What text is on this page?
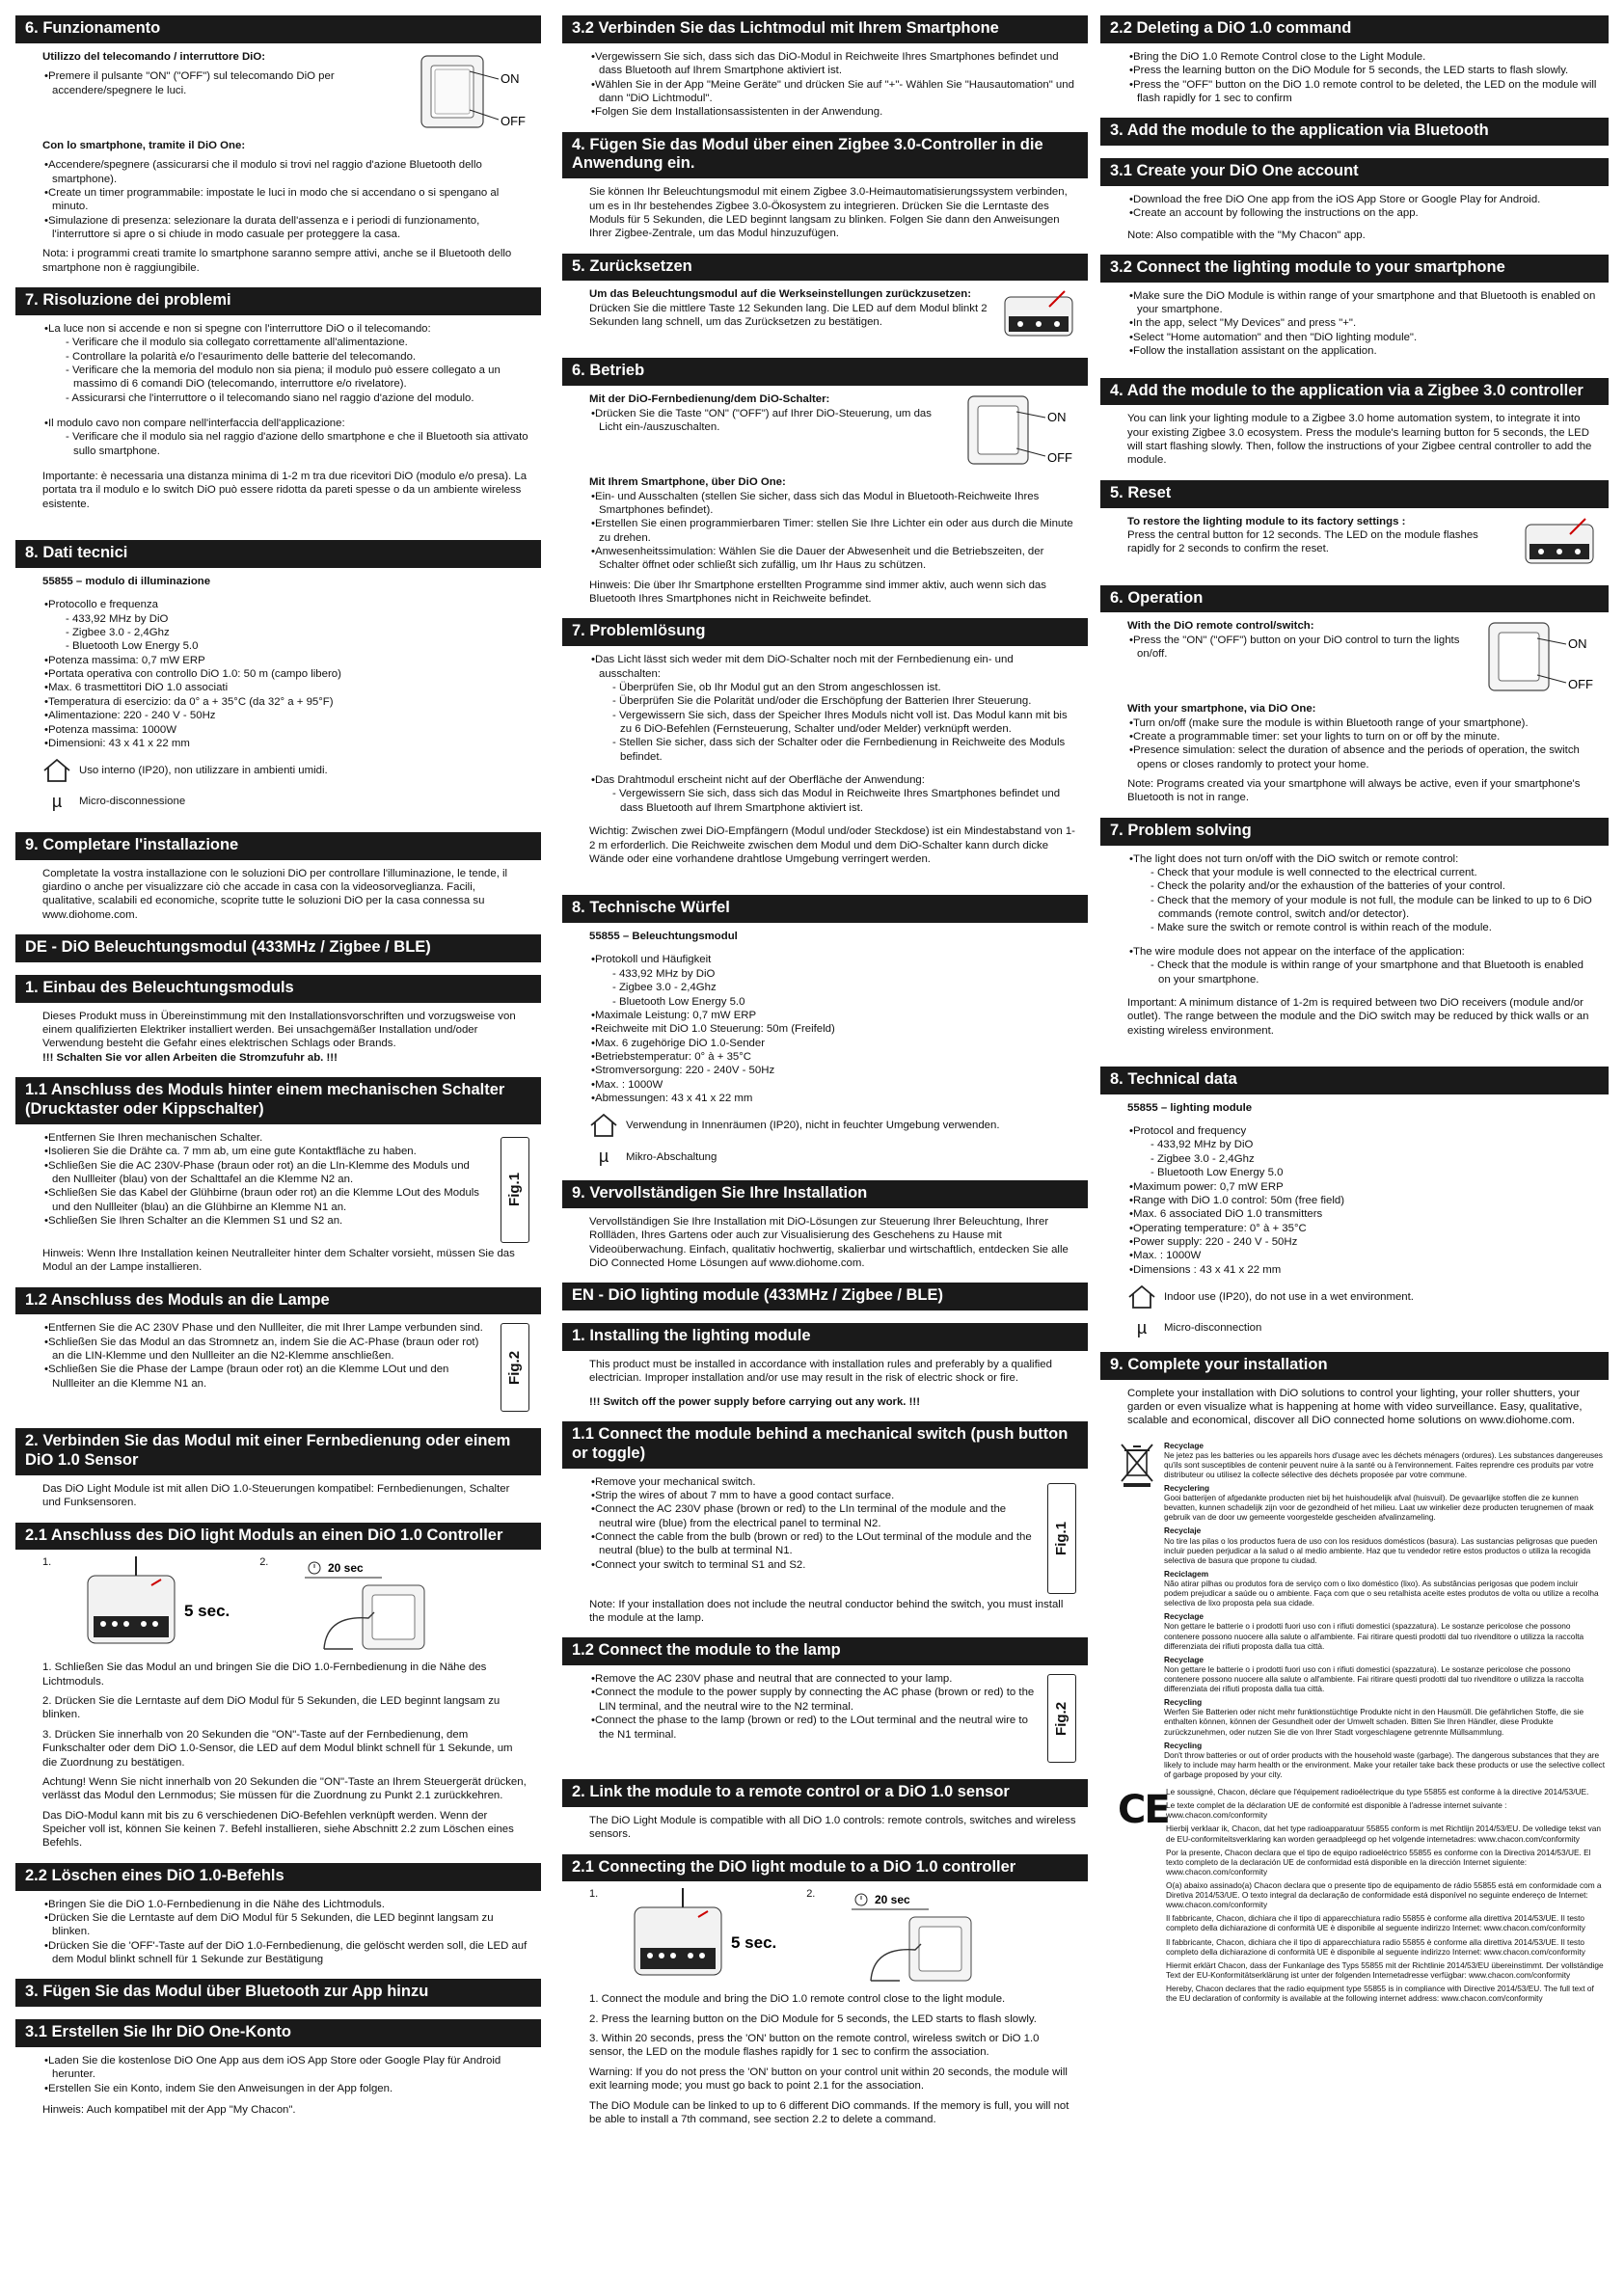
6. Funzionamento
ON
OFF

Utilizzo del telecomando / interruttore DiO:

• Premere il pulsante "ON" ("OFF") sul telecomando DiO per accendere/spegnere le luci.

Con lo smartphone, tramite il DiO One:

• Accendere/spegnere (assicurarsi che il modulo si trovi nel raggio d'azione Bluetooth dello smartphone).
• Create un timer programmabile: impostate le luci in modo che si accendano o si spengano al minuto.
• Simulazione di presenza: selezionare la durata dell'assenza e i periodi di funzionamento, l'interruttore si apre o si chiude in modo casuale per proteggere la casa.

Nota: i programmi creati tramite lo smartphone saranno sempre attivi, anche se il Bluetooth dello smartphone non è raggiungibile.

7. Risoluzione dei problemi
• La luce non si accende e non si spegne con l'interruttore DiO o il telecomando:
- Verificare che il modulo sia collegato correttamente all'alimentazione.
- Controllare la polarità e/o l'esaurimento delle batterie del telecomando.
- Verificare che la memoria del modulo non sia piena; il modulo può essere collegato a un massimo di 6 comandi DiO (telecomando, interruttore e/o rivelatore).
- Assicurarsi che l'interruttore o il telecomando siano nel raggio d'azione del modulo.
• Il modulo cavo non compare nell'interfaccia dell'applicazione:
- Verificare che il modulo sia nel raggio d'azione dello smartphone e che il Bluetooth sia attivato sullo smartphone.

Importante: è necessaria una distanza minima di 1-2 m tra due ricevitori DiO (modulo e/o presa). La portata tra il modulo e lo switch DiO può essere ridotta da pareti spesse o da un ambiente wireless esistente.

8. Dati tecnici

55855 – modulo di illuminazione

• Protocollo e frequenza
- 433,92 MHz by DiO
- Zigbee 3.0 - 2,4Ghz
- Bluetooth Low Energy 5.0
• Potenza massima: 0,7 mW ERP
• Portata operativa con controllo DiO 1.0: 50 m (campo libero)
• Max. 6 trasmettitori DiO 1.0 associati
• Temperatura di esercizio: da 0° a + 35°C (da 32° a + 95°F)
• Alimentazione: 220 - 240 V - 50Hz
• Potenza massima: 1000W
• Dimensioni: 43 x 41 x 22 mm
Uso interno (IP20), non utilizzare in ambienti umidi.
µ	Micro-disconnessione
9. Completare l'installazione

Completate la vostra installazione con le soluzioni DiO per controllare l'illuminazione, le tende, il giardino o anche per visualizzare ciò che accade in casa con la videosorveglianza. Facili, qualitative, scalabili ed economiche, scoprite tutte le soluzioni DiO per la casa connessa su www.diohome.com.

DE - DiO Beleuchtungsmodul (433MHz / Zigbee / BLE)
1. Einbau des Beleuchtungsmoduls

Dieses Produkt muss in Übereinstimmung mit den Installationsvorschriften und vorzugsweise von einem qualifizierten Elektriker installiert werden. Bei unsachgemäßer Installation und/oder Verwendung besteht die Gefahr eines elektrischen Schlags oder Brands.

!!! Schalten Sie vor allen Arbeiten die Stromzufuhr ab. !!!

1.1 Anschluss des Moduls hinter einem mechanischen Schalter (Drucktaster oder Kippschalter)
Fig.1
• Entfernen Sie Ihren mechanischen Schalter.
• Isolieren Sie die Drähte ca. 7 mm ab, um eine gute Kontaktfläche zu haben.
• Schließen Sie die AC 230V-Phase (braun oder rot) an die LIn-Klemme des Moduls und den Nullleiter (blau) von der Schalttafel an die Klemme N2 an.
• Schließen Sie das Kabel der Glühbirne (braun oder rot) an die Klemme LOut des Moduls und den Nullleiter (blau) an die Glühbirne an Klemme N1 an.
• Schließen Sie Ihren Schalter an die Klemmen S1 und S2 an.

Hinweis: Wenn Ihre Installation keinen Neutralleiter hinter dem Schalter vorsieht, müssen Sie das Modul an der Lampe installieren.

1.2 Anschluss des Moduls an die Lampe
Fig.2
• Entfernen Sie die AC 230V Phase und den Nullleiter, die mit Ihrer Lampe verbunden sind.
• Schließen Sie das Modul an das Stromnetz an, indem Sie die AC-Phase (braun oder rot) an die LIN-Klemme und den Nullleiter an die N2-Klemme anschließen.
• Schließen Sie die Phase der Lampe (braun oder rot) an die Klemme LOut und den Nullleiter an die Klemme N1 an.
2. Verbinden Sie das Modul mit einer Fernbedienung oder einem DiO 1.0 Sensor

Das DiO Light Module ist mit allen DiO 1.0-Steuerungen kompatibel: Fernbedienungen, Schalter und Funksensoren.

2.1 Anschluss des DiO light Moduls an einen DiO 1.0 Controller
1.
5 sec.
2.	20 sec

1. Schließen Sie das Modul an und bringen Sie die DiO 1.0-Fernbedienung in die Nähe des Lichtmoduls.

2. Drücken Sie die Lerntaste auf dem DiO Modul für 5 Sekunden, die LED beginnt langsam zu blinken.

3. Drücken Sie innerhalb von 20 Sekunden die "ON"-Taste auf der Fernbedienung, dem Funkschalter oder dem DiO 1.0-Sensor, die LED auf dem Modul blinkt schnell für 1 Sekunde, um die Zuordnung zu bestätigen.

Achtung! Wenn Sie nicht innerhalb von 20 Sekunden die "ON"-Taste an Ihrem Steuergerät drücken, verlässt das Modul den Lernmodus; Sie müssen für die Zuordnung zu Punkt 2.1 zurückkehren.

Das DiO-Modul kann mit bis zu 6 verschiedenen DiO-Befehlen verknüpft werden. Wenn der Speicher voll ist, können Sie keinen 7. Befehl installieren, siehe Abschnitt 2.2 zum Löschen eines Befehls.

2.2 Löschen eines DiO 1.0-Befehls
• Bringen Sie die DiO 1.0-Fernbedienung in die Nähe des Lichtmoduls.
• Drücken Sie die Lerntaste auf dem DiO Modul für 5 Sekunden, die LED beginnt langsam zu blinken.
• Drücken Sie die 'OFF'-Taste auf der DiO 1.0-Fernbedienung, die gelöscht werden soll, die LED auf dem Modul blinkt schnell für 1 Sekunde zur Bestätigung
3. Fügen Sie das Modul über Bluetooth zur App hinzu
3.1 Erstellen Sie Ihr DiO One-Konto
• Laden Sie die kostenlose DiO One App aus dem iOS App Store oder Google Play für Android herunter.
• Erstellen Sie ein Konto, indem Sie den Anweisungen in der App folgen.

Hinweis: Auch kompatibel mit der App "My Chacon".

3.2 Verbinden Sie das Lichtmodul mit Ihrem Smartphone
• Vergewissern Sie sich, dass sich das DiO-Modul in Reichweite Ihres Smartphones befindet und dass Bluetooth auf Ihrem Smartphone aktiviert ist.
• Wählen Sie in der App "Meine Geräte" und drücken Sie auf "+"- Wählen Sie "Hausautomation" und dann "DiO Lichtmodul".
• Folgen Sie dem Installationsassistenten in der Anwendung.
4. Fügen Sie das Modul über einen Zigbee 3.0-Controller in die Anwendung ein.

Sie können Ihr Beleuchtungsmodul mit einem Zigbee 3.0-Heimautomatisierungssystem verbinden, um es in Ihr bestehendes Zigbee 3.0-Ökosystem zu integrieren. Drücken Sie die Lerntaste des Moduls für 5 Sekunden, die LED beginnt langsam zu blinken. Folgen Sie dann den Anweisungen Ihrer Zigbee-Zentrale, um das Modul hinzuzufügen.

5. Zurücksetzen

Um das Beleuchtungsmodul auf die Werkseinstellungen zurückzusetzen:

Drücken Sie die mittlere Taste 12 Sekunden lang. Die LED auf dem Modul blinkt 2 Sekunden lang schnell, um das Zurücksetzen zu bestätigen.

6. Betrieb
ON
OFF

Mit der DiO-Fernbedienung/dem DiO-Schalter:

• Drücken Sie die Taste "ON" ("OFF") auf Ihrer DiO-Steuerung, um das Licht ein-/auszuschalten.

Mit Ihrem Smartphone, über DiO One:

• Ein- und Ausschalten (stellen Sie sicher, dass sich das Modul in Bluetooth-Reichweite Ihres Smartphones befindet).
• Erstellen Sie einen programmierbaren Timer: stellen Sie Ihre Lichter ein oder aus durch die Minute zu drehen.
• Anwesenheitssimulation: Wählen Sie die Dauer der Abwesenheit und die Betriebszeiten, der Schalter öffnet oder schließt sich zufällig, um Ihr Haus zu schützen.

Hinweis: Die über Ihr Smartphone erstellten Programme sind immer aktiv, auch wenn sich das Bluetooth Ihres Smartphones nicht in Reichweite befindet.

7. Problemlösung
• Das Licht lässt sich weder mit dem DiO-Schalter noch mit der Fernbedienung ein- und ausschalten:
- Überprüfen Sie, ob Ihr Modul gut an den Strom angeschlossen ist.
- Überprüfen Sie die Polarität und/oder die Erschöpfung der Batterien Ihrer Steuerung.
- Vergewissern Sie sich, dass der Speicher Ihres Moduls nicht voll ist. Das Modul kann mit bis zu 6 DiO-Befehlen (Fernsteuerung, Schalter und/oder Melder) verknüpft werden.
- Stellen Sie sicher, dass sich der Schalter oder die Fernbedienung in Reichweite des Moduls befindet.
• Das Drahtmodul erscheint nicht auf der Oberfläche der Anwendung:
- Vergewissern Sie sich, dass sich das Modul in Reichweite Ihres Smartphones befindet und dass Bluetooth auf Ihrem Smartphone aktiviert ist.

Wichtig: Zwischen zwei DiO-Empfängern (Modul und/oder Steckdose) ist ein Mindestabstand von 1-2 m erforderlich. Die Reichweite zwischen dem Modul und dem DiO-Schalter kann durch dicke Wände oder eine vorhandene drahtlose Umgebung verringert werden.

8. Technische Würfel

55855 – Beleuchtungsmodul

• Protokoll und Häufigkeit
- 433,92 MHz by DiO
- Zigbee 3.0 - 2,4Ghz
- Bluetooth Low Energy 5.0
• Maximale Leistung: 0,7 mW ERP
• Reichweite mit DiO 1.0 Steuerung: 50m (Freifeld)
• Max. 6 zugehörige DiO 1.0-Sender
• Betriebstemperatur: 0° à + 35°C
• Stromversorgung: 220 - 240V - 50Hz
• Max. : 1000W
• Abmessungen: 43 x 41 x 22 mm
Verwendung in Innenräumen (IP20), nicht in feuchter Umgebung verwenden.
µ	Mikro-Abschaltung
9. Vervollständigen Sie Ihre Installation

Vervollständigen Sie Ihre Installation mit DiO-Lösungen zur Steuerung Ihrer Beleuchtung, Ihrer Rollläden, Ihres Gartens oder auch zur Visualisierung des Geschehens zu Hause mit Videoüberwachung. Einfach, qualitativ hochwertig, skalierbar und wirtschaftlich, entdecken Sie alle DiO Connected Home Lösungen auf www.diohome.com.

EN - DiO lighting module (433MHz / Zigbee / BLE)
1. Installing the lighting module

This product must be installed in accordance with installation rules and preferably by a qualified electrician. Improper installation and/or use may result in the risk of electric shock or fire.

!!! Switch off the power supply before carrying out any work. !!!

1.1 Connect the module behind a mechanical switch (push button or toggle)
Fig.1
• Remove your mechanical switch.
• Strip the wires of about 7 mm to have a good contact surface.
• Connect the AC 230V phase (brown or red) to the LIn terminal of the module and the neutral wire (blue) from the electrical panel to terminal N2.
• Connect the cable from the bulb (brown or red) to the LOut terminal of the module and the neutral (blue) to the bulb at terminal N1.
• Connect your switch to terminal S1 and S2.

Note: If your installation does not include the neutral conductor behind the switch, you must install the module at the lamp.

1.2 Connect the module to the lamp
Fig.2
• Remove the AC 230V phase and neutral that are connected to your lamp.
• Connect the module to the power supply by connecting the AC phase (brown or red) to the LIN terminal, and the neutral wire to the N2 terminal.
• Connect the phase to the lamp (brown or red) to the LOut terminal and the neutral wire to the N1 terminal.
2. Link the module to a remote control or a DiO 1.0 sensor

The DiO Light Module is compatible with all DiO 1.0 controls: remote controls, switches and wireless sensors.

2.1 Connecting the DiO light module to a DiO 1.0 controller
1.
5 sec.
2.	20 sec

1. Connect the module and bring the DiO 1.0 remote control close to the light module.

2. Press the learning button on the DiO Module for 5 seconds, the LED starts to flash slowly.

3. Within 20 seconds, press the 'ON' button on the remote control, wireless switch or DiO 1.0 sensor, the LED on the module flashes rapidly for 1 sec to confirm the association.

Warning: If you do not press the 'ON' button on your control unit within 20 seconds, the module will exit learning mode; you must go back to point 2.1 for the association.

The DiO Module can be linked to up to 6 different DiO commands. If the memory is full, you will not be able to install a 7th command, see section 2.2 to delete a command.

2.2 Deleting a DiO 1.0 command
• Bring the DiO 1.0 Remote Control close to the Light Module.
• Press the learning button on the DiO Module for 5 seconds, the LED starts to flash slowly.
• Press the "OFF" button on the DiO 1.0 remote control to be deleted, the LED on the module will flash rapidly for 1 sec to confirm
3. Add the module to the application via Bluetooth
3.1 Create your DiO One account
• Download the free DiO One app from the iOS App Store or Google Play for Android.
• Create an account by following the instructions on the app.

Note: Also compatible with the "My Chacon" app.

3.2 Connect the lighting module to your smartphone
• Make sure the DiO Module is within range of your smartphone and that Bluetooth is enabled on your smartphone.
• In the app, select "My Devices" and press "+".
• Select "Home automation" and then "DiO lighting module".
• Follow the installation assistant on the application.
4. Add the module to the application via a Zigbee 3.0 controller

You can link your lighting module to a Zigbee 3.0 home automation system, to integrate it into your existing Zigbee 3.0 ecosystem. Press the module's learning button for 5 seconds, the LED will start flashing slowly. Then, follow the instructions of your Zigbee central controller to add the module.

5. Reset

To restore the lighting module to its factory settings :

Press the central button for 12 seconds. The LED on the module flashes rapidly for 2 seconds to confirm the reset.

6. Operation
ON
OFF

With the DiO remote control/switch:

• Press the "ON" ("OFF") button on your DiO control to turn the lights on/off.

With your smartphone, via DiO One:

• Turn on/off (make sure the module is within Bluetooth range of your smartphone).
• Create a programmable timer: set your lights to turn on or off by the minute.
• Presence simulation: select the duration of absence and the periods of operation, the switch opens or closes randomly to protect your home.

Note: Programs created via your smartphone will always be active, even if your smartphone's Bluetooth is not in range.

7. Problem solving
• The light does not turn on/off with the DiO switch or remote control:
- Check that your module is well connected to the electrical current.
- Check the polarity and/or the exhaustion of the batteries of your control.
- Check that the memory of your module is not full, the module can be linked to up to 6 DiO commands (remote control, switch and/or detector).
- Make sure the switch or remote control is within reach of the module.
• The wire module does not appear on the interface of the application:
- Check that the module is within range of your smartphone and that Bluetooth is enabled on your smartphone.

Important: A minimum distance of 1-2m is required between two DiO receivers (module and/or outlet). The range between the module and the DiO switch may be reduced by thick walls or an existing wireless environment.

8. Technical data

55855 – lighting module

• Protocol and frequency
- 433,92 MHz by DiO
- Zigbee 3.0 - 2,4Ghz
- Bluetooth Low Energy 5.0
• Maximum power: 0,7 mW ERP
• Range with DiO 1.0 control: 50m (free field)
• Max. 6 associated DiO 1.0 transmitters
• Operating temperature: 0° à + 35°C
• Power supply: 220 - 240 V - 50Hz
• Max. : 1000W
• Dimensions : 43 x 41 x 22 mm
Indoor use (IP20), do not use in a wet environment.
µ	Micro-disconnection
9. Complete your installation

Complete your installation with DiO solutions to control your lighting, your roller shutters, your garden or even visualize what is happening at home with video surveillance. Easy, qualitative, scalable and economical, discover all DiO connected home solutions on www.diohome.com.

Recyclage
Ne jetez pas les batteries ou les appareils hors d'usage avec les déchets ménagers (ordures). Les substances dangereuses qu'ils sont susceptibles de contenir peuvent nuire à la santé ou à l'environnement. Faites reprendre ces produits par votre distributeur ou utilisez la collecte sélective des déchets proposée par votre commune.

Recyclering
Gooi batterijen of afgedankte producten niet bij het huishoudelijk afval (huisvuil). De gevaarlijke stoffen die ze kunnen bevatten, kunnen schadelijk zijn voor de gezondheid of het milieu. Laat uw winkelier deze producten terugnemen of maak gebruik van de door uw gemeente voorgestelde gescheiden afvalinzameling.

Recyclaje
No tire las pilas o los productos fuera de uso con los residuos domésticos (basura). Las sustancias peligrosas que pueden incluir pueden perjudicar a la salud o al medio ambiente. Haz que tu vendedor retire estos productos o utiliza la recogida selectiva de basura que propone tu ciudad.

Reciclagem
Não atirar pilhas ou produtos fora de serviço com o lixo doméstico (lixo). As substâncias perigosas que podem incluir podem prejudicar a saúde ou o ambiente. Faça com que o seu retalhista aceite estes produtos de volta ou utilize a recolha selectiva de lixo proposta pela sua cidade.

Recyclage
Non gettare le batterie o i prodotti fuori uso con i rifiuti domestici (spazzatura). Le sostanze pericolose che possono contenere possono nuocere alla salute o all'ambiente. Fai ritirare questi prodotti dal tuo rivenditore o utilizza la raccolta differenziata dei rifiuti proposta dalla tua città.

Recyclage
Non gettare le batterie o i prodotti fuori uso con i rifiuti domestici (spazzatura). Le sostanze pericolose che possono contenere possono nuocere alla salute o all'ambiente. Fai ritirare questi prodotti dal tuo rivenditore o utilizza la raccolta differenziata dei rifiuti proposta dalla tua città.

Recycling
Werfen Sie Batterien oder nicht mehr funktionstüchtige Produkte nicht in den Hausmüll. Die gefährlichen Stoffe, die sie enthalten können, können der Gesundheit oder der Umwelt schaden. Bitten Sie Ihren Händler, diese Produkte zurückzunehmen, oder nutzen Sie die von Ihrer Stadt vorgeschlagene getrennte Müllsammlung.

Recycling
Don't throw batteries or out of order products with the household waste (garbage). The dangerous substances that they are likely to include may harm health or the environment. Make your retailer take back these products or use the selective collect of garbage proposed by your city.

CE

Le soussigné, Chacon, déclare que l'équipement radioélectrique du type 55855 est conforme à la directive 2014/53/UE.

Le texte complet de la déclaration UE de conformité est disponible à l'adresse internet suivante : www.chacon.com/conformity

Hierbij verklaar ik, Chacon, dat het type radioapparatuur 55855 conform is met Richtlijn 2014/53/EU. De volledige tekst van de EU-conformiteitsverklaring kan worden geraadpleegd op het volgende internetadres: www.chacon.com/conformity

Por la presente, Chacon declara que el tipo de equipo radioeléctrico 55855 es conforme con la Directiva 2014/53/UE. El texto completo de la declaración UE de conformidad está disponible en la dirección Internet siguiente: www.chacon.com/conformity

O(a) abaixo assinado(a) Chacon declara que o presente tipo de equipamento de rádio 55855 está em conformidade com a Diretiva 2014/53/UE. O texto integral da declaração de conformidade está disponível no seguinte endereço de Internet: www.chacon.com/conformity

Il fabbricante, Chacon, dichiara che il tipo di apparecchiatura radio 55855 è conforme alla direttiva 2014/53/UE. Il testo completo della dichiarazione di conformità UE è disponibile al seguente indirizzo Internet: www.chacon.com/conformity

Il fabbricante, Chacon, dichiara che il tipo di apparecchiatura radio 55855 è conforme alla direttiva 2014/53/UE. Il testo completo della dichiarazione di conformità UE è disponibile al seguente indirizzo Internet: www.chacon.com/conformity

Hiermit erklärt Chacon, dass der Funkanlage des Typs 55855 mit der Richtlinie 2014/53/EU übereinstimmt. Der vollständige Text der EU-Konformitätserklärung ist unter der folgenden Internetadresse verfügbar: www.chacon.com/conformity

Hereby, Chacon declares that the radio equipment type 55855 is in compliance with Directive 2014/53/EU. The full text of the EU declaration of conformity is available at the following internet address: www.chacon.com/conformity
